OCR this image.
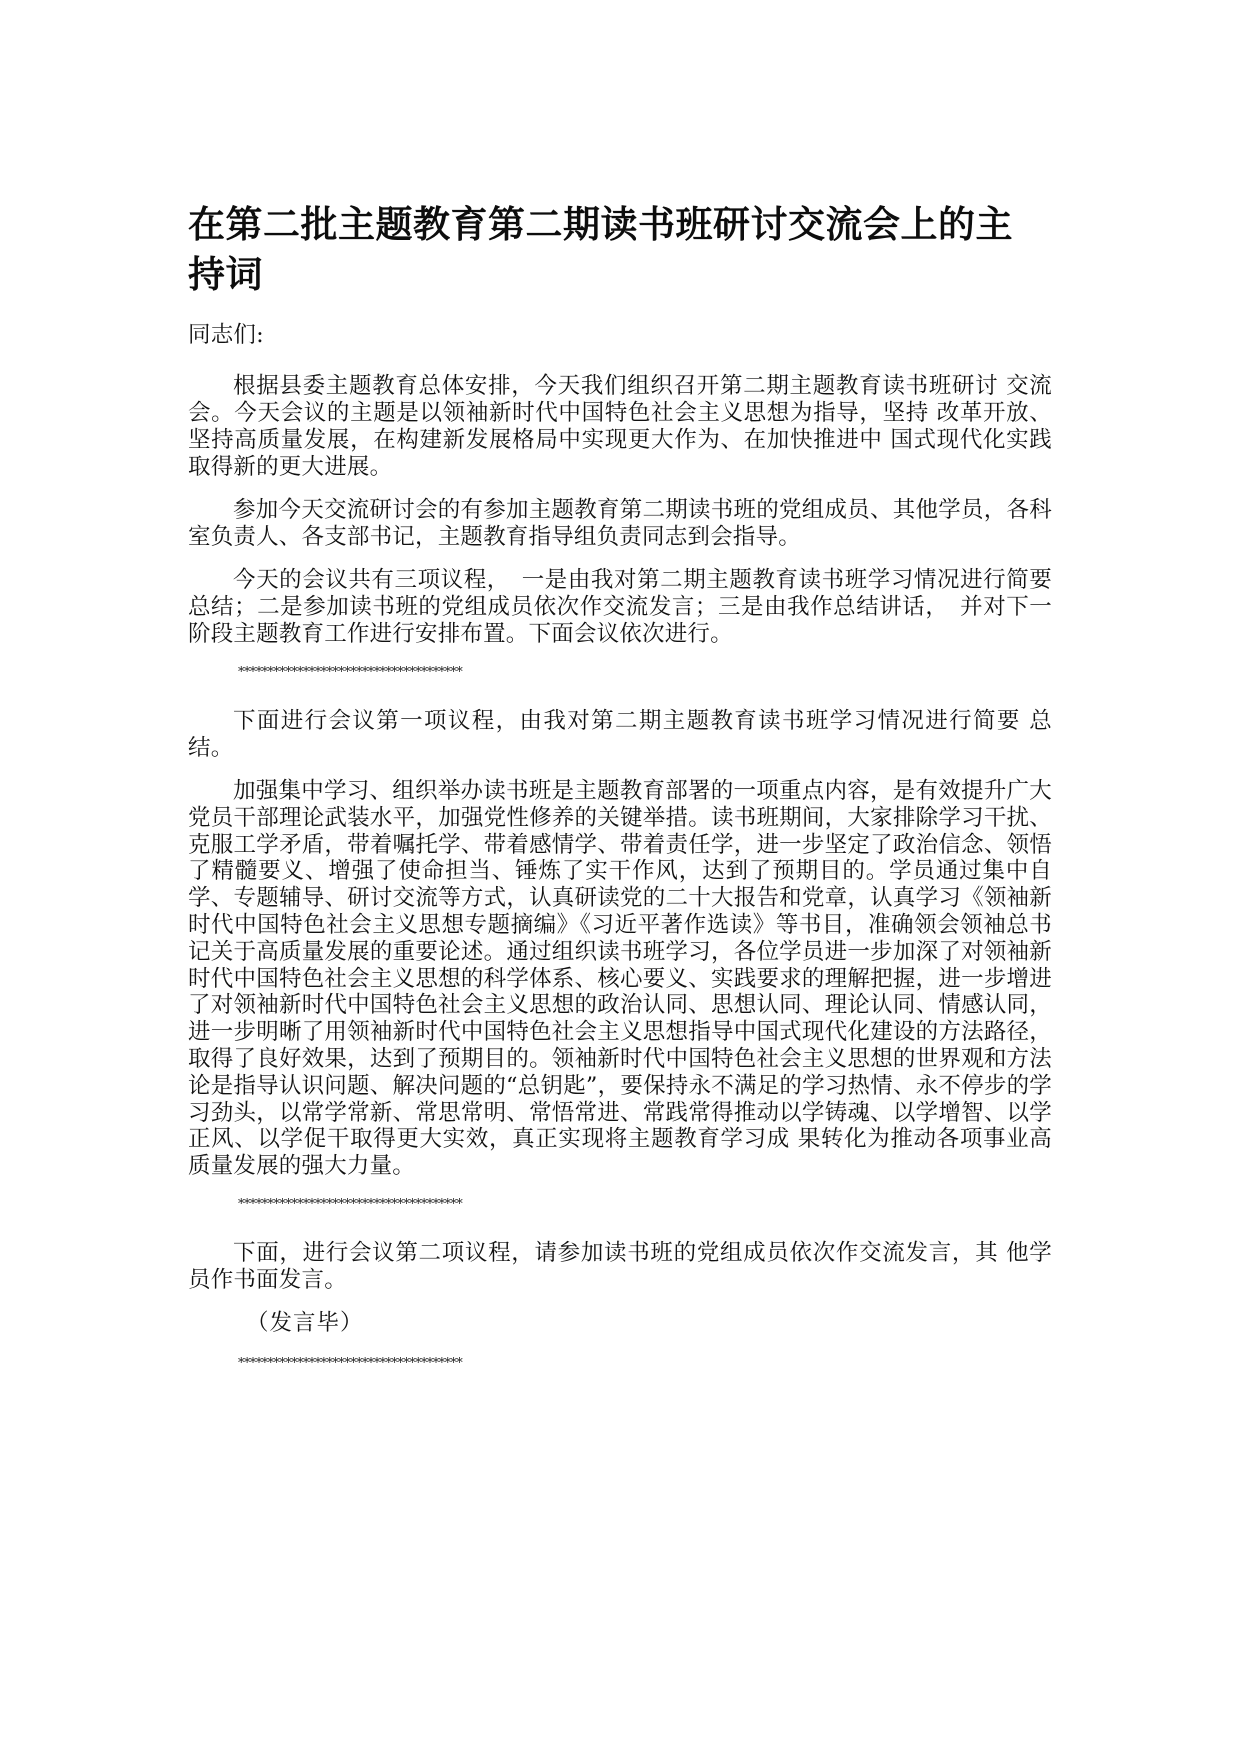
在第二批主题教育第二期读书班研讨交流会上的主持词

同志们:

根据县委主题教育总体安排，今天我们组织召开第二期主题教育读书班研讨 交流会。今天会议的主题是以领袖新时代中国特色社会主义思想为指导，坚持 改革开放、坚持高质量发展，在构建新发展格局中实现更大作为、在加快推进中 国式现代化实践取得新的更大进展。

参加今天交流研讨会的有参加主题教育第二期读书班的党组成员、其他学员，各科室负责人、各支部书记，主题教育指导组负责同志到会指导。

今天的会议共有三项议程，　一是由我对第二期主题教育读书班学习情况进行简要总结；二是参加读书班的党组成员依次作交流发言；三是由我作总结讲话，　并对下一阶段主题教育工作进行安排布置。下面会议依次进行。

**************************************

下面进行会议第一项议程，由我对第二期主题教育读书班学习情况进行简要 总结。

加强集中学习、组织举办读书班是主题教育部署的一项重点内容，是有效提升广大党员干部理论武装水平，加强党性修养的关键举措。读书班期间，大家排除学习干扰、克服工学矛盾，带着嘱托学、带着感情学、带着责任学，进一步坚定了政治信念、领悟了精髓要义、增强了使命担当、锤炼了实干作风，达到了预期目的。学员通过集中自学、专题辅导、研讨交流等方式，认真研读党的二十大报告和党章，认真学习《领袖新时代中国特色社会主义思想专题摘编》《习近平著作选读》等书目，准确领会领袖总书记关于高质量发展的重要论述。通过组织读书班学习，各位学员进一步加深了对领袖新时代中国特色社会主义思想的科学体系、核心要义、实践要求的理解把握，进一步增进了对领袖新时代中国特色社会主义思想的政治认同、思想认同、理论认同、情感认同，进一步明晰了用领袖新时代中国特色社会主义思想指导中国式现代化建设的方法路径，取得了良好效果，达到了预期目的。领袖新时代中国特色社会主义思想的世界观和方法论是指导认识问题、解决问题的“总钥匙”，要保持永不满足的学习热情、永不停步的学习劲头，以常学常新、常思常明、常悟常进、常践常得推动以学铸魂、以学增智、以学正风、以学促干取得更大实效，真正实现将主题教育学习成 果转化为推动各项事业高质量发展的强大力量。

**************************************

下面，进行会议第二项议程，请参加读书班的党组成员依次作交流发言，其 他学员作书面发言。

（发言毕）

**************************************
